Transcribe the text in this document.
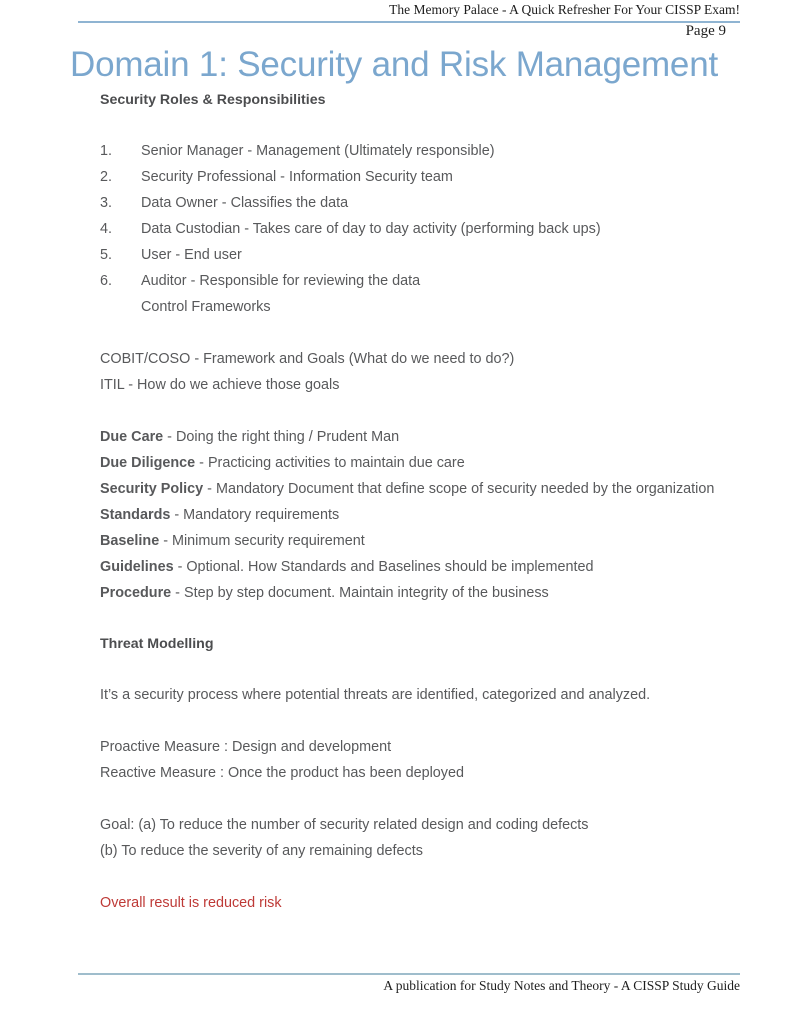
The Memory Palace - A Quick Refresher For Your CISSP Exam!
Page 9
Domain 1: Security and Risk Management
Security Roles & Responsibilities
1.	Senior Manager - Management (Ultimately responsible)
2.	Security Professional - Information Security team
3.	Data Owner - Classifies the data
4.	Data Custodian - Takes care of day to day activity (performing back ups)
5.	User - End user
6.	Auditor - Responsible for reviewing the data
Control Frameworks
COBIT/COSO - Framework and Goals (What do we need to do?)
ITIL - How do we achieve those goals
Due Care - Doing the right thing / Prudent Man
Due Diligence - Practicing activities to maintain due care
Security Policy - Mandatory Document that define scope of security needed by the organization
Standards - Mandatory requirements
Baseline - Minimum security requirement
Guidelines - Optional. How Standards and Baselines should be implemented
Procedure - Step by step document. Maintain integrity of the business
Threat Modelling
It’s a security process where potential threats are identified, categorized and analyzed.
Proactive Measure : Design and development
Reactive Measure : Once the product has been deployed
Goal: (a) To reduce the number of security related design and coding defects
(b) To reduce the severity of any remaining defects
Overall result is reduced risk
A publication for Study Notes and Theory - A CISSP Study Guide
